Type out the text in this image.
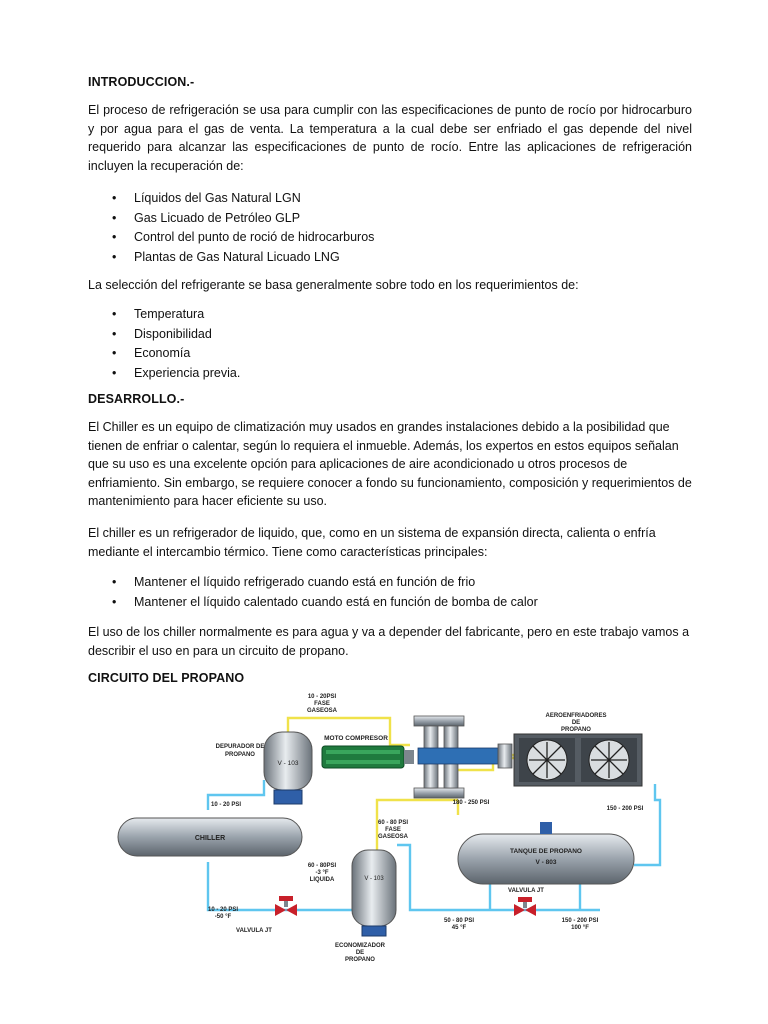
INTRODUCCION.-
El proceso de refrigeración se usa para cumplir con las especificaciones de punto de rocío por hidrocarburo y por agua para el gas de venta. La temperatura a la cual debe ser enfriado el gas depende del nivel requerido para alcanzar las especificaciones de punto de rocío. Entre las aplicaciones de refrigeración incluyen la recuperación de:
• Líquidos del Gas Natural LGN
• Gas Licuado de Petróleo GLP
• Control del punto de roció de hidrocarburos
• Plantas de Gas Natural Licuado LNG
La selección del refrigerante se basa generalmente sobre todo en los requerimientos de:
• Temperatura
• Disponibilidad
• Economía
• Experiencia previa.
DESARROLLO.-
El Chiller es un equipo de climatización muy usados en grandes instalaciones debido a la posibilidad que tienen de enfriar o calentar, según lo requiera el inmueble. Además, los expertos en estos equipos señalan que su uso es una excelente opción para aplicaciones de aire acondicionado u otros procesos de enfriamiento. Sin embargo, se requiere conocer a fondo su funcionamiento, composición y requerimientos de mantenimiento para hacer eficiente su uso.
El chiller es un refrigerador de liquido, que, como en un sistema de expansión directa, calienta o enfría mediante el intercambio térmico. Tiene como características principales:
• Mantener el líquido refrigerado cuando está en función de frio
• Mantener el líquido calentado cuando está en función de bomba de calor
El uso de los chiller normalmente es para agua y va a depender del fabricante, pero en este trabajo vamos a describir el uso en para un circuito de propano.
CIRCUITO DEL PROPANO
V - 103
DEPURADOR DE
PROPANO
10 - 20PSI
FASE
GASEOSA
MOTO COMPRESOR
180 - 250 PSI
AEROENFRIADORES
DE
PROPANO
150 - 200 PSI
CHILLER
10 - 20 PSI
60 - 80 PSI
FASE
GASEOSA
60 - 80PSI
-3 °F
LIQUIDA	V - 103
ECONOMIZADOR
DE
PROPANO
TANQUE DE PROPANO
V - 803
VALVULA JT
VALVULA JT
10 - 20 PSI
-50 °F
50 - 80 PSI
45 °F
150 - 200 PSI
100 °F
